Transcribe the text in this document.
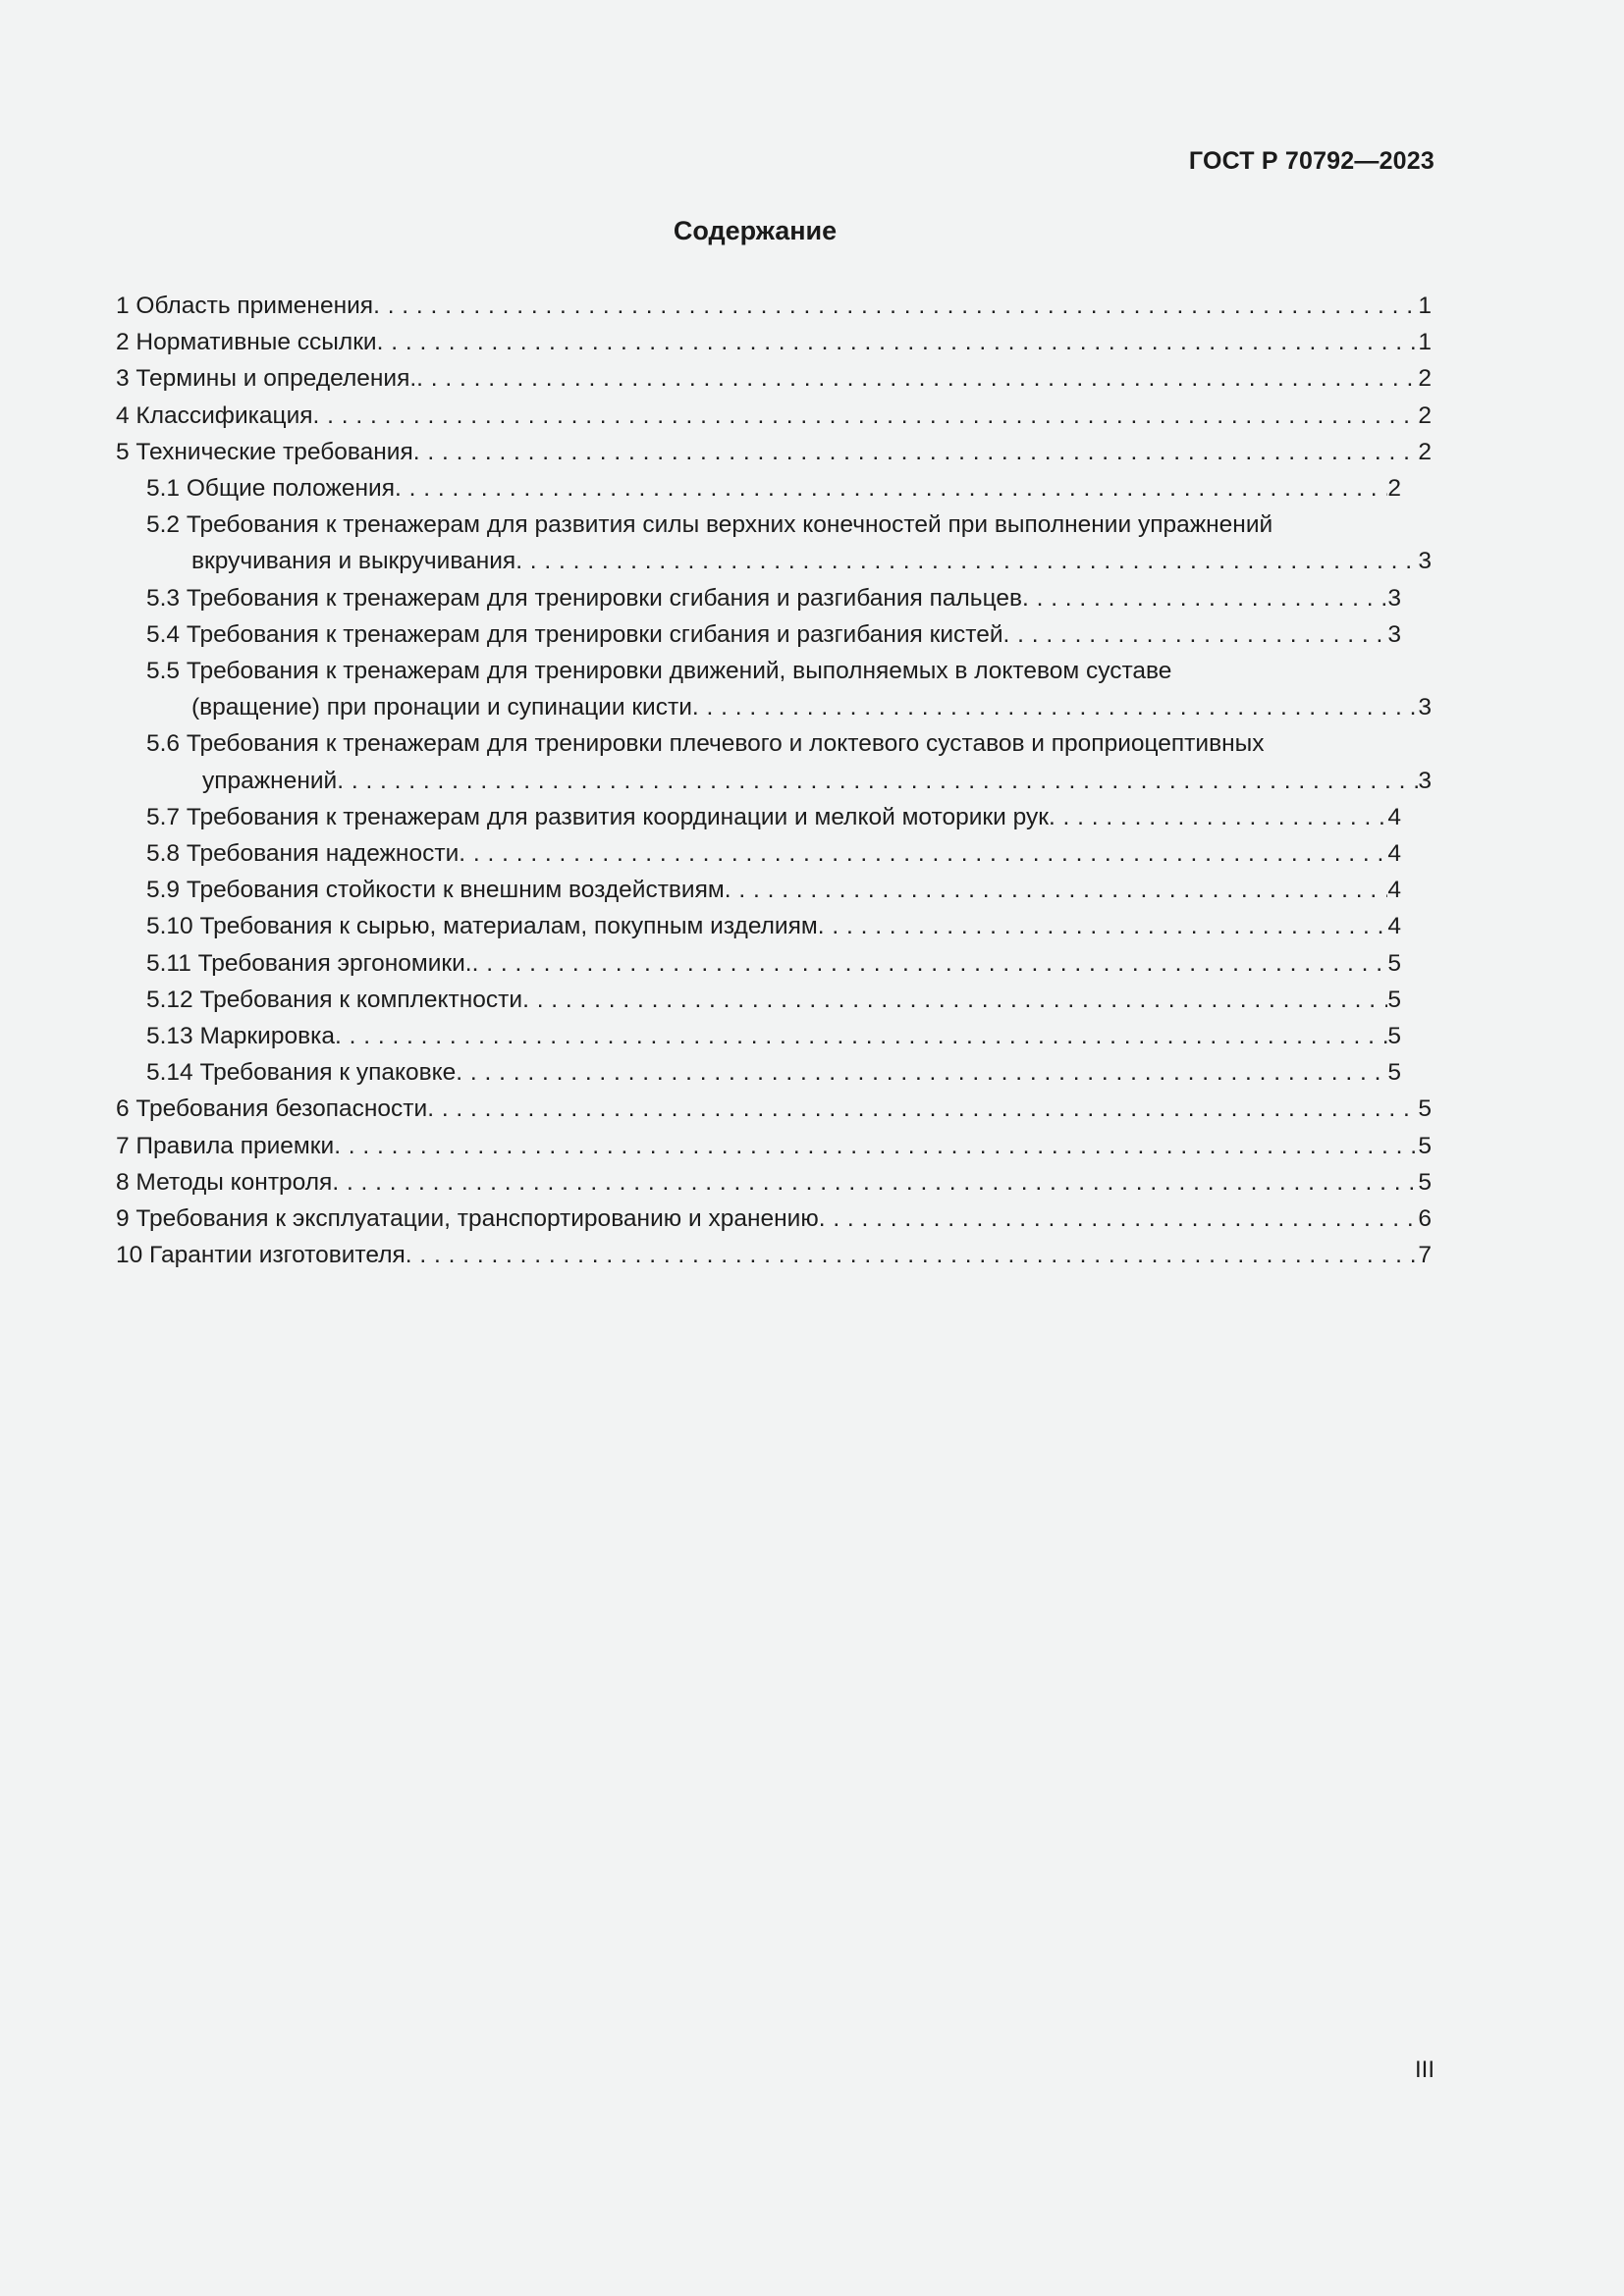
ГОСТ Р 70792—2023
Содержание
1 Область применения . . .	1
2 Нормативные ссылки . . .	1
3 Термины и определения. . . .	2
4 Классификация . . .	2
5 Технические требования . . .	2
5.1 Общие положения . . .	2
5.2 Требования к тренажерам для развития силы верхних конечностей при выполнении упражнений
вкручивания и выкручивания . . .	3
5.3 Требования к тренажерам для тренировки сгибания и разгибания пальцев . . .	3
5.4 Требования к тренажерам для тренировки сгибания и разгибания кистей . . .	3
5.5 Требования к тренажерам для тренировки движений, выполняемых в локтевом суставе
(вращение) при пронации и супинации кисти . . .	3
5.6 Требования к тренажерам для тренировки плечевого и локтевого суставов и проприоцептивных
упражнений . . .	3
5.7 Требования к тренажерам для развития координации и мелкой моторики рук . . .	4
5.8 Требования надежности . . .	4
5.9 Требования стойкости к внешним воздействиям . . .	4
5.10 Требования к сырью, материалам, покупным изделиям . . .	4
5.11 Требования эргономики. . . .	5
5.12 Требования к комплектности . . .	5
5.13 Маркировка . . .	5
5.14 Требования к упаковке . . .	5
6 Требования безопасности . . .	5
7 Правила приемки . . .	5
8 Методы контроля . . .	5
9 Требования к эксплуатации, транспортированию и хранению . . .	6
10 Гарантии изготовителя . . .	7
III
